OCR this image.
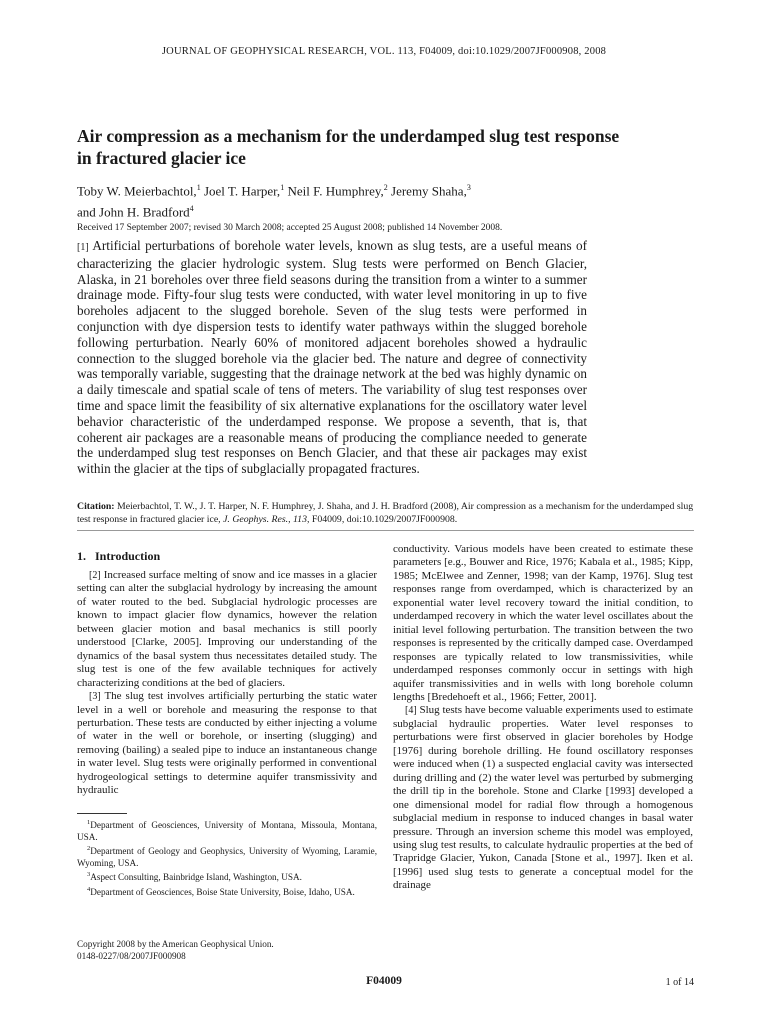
JOURNAL OF GEOPHYSICAL RESEARCH, VOL. 113, F04009, doi:10.1029/2007JF000908, 2008
Air compression as a mechanism for the underdamped slug test response in fractured glacier ice
Toby W. Meierbachtol,$^1$ Joel T. Harper,$^1$ Neil F. Humphrey,$^2$ Jeremy Shaha,$^3$
and John H. Bradford$^4$
Received 17 September 2007; revised 30 March 2008; accepted 25 August 2008; published 14 November 2008.
[1] Artificial perturbations of borehole water levels, known as slug tests, are a useful means of characterizing the glacier hydrologic system. Slug tests were performed on Bench Glacier, Alaska, in 21 boreholes over three field seasons during the transition from a winter to a summer drainage mode. Fifty-four slug tests were conducted, with water level monitoring in up to five boreholes adjacent to the slugged borehole. Seven of the slug tests were performed in conjunction with dye dispersion tests to identify water pathways within the slugged borehole following perturbation. Nearly 60% of monitored adjacent boreholes showed a hydraulic connection to the slugged borehole via the glacier bed. The nature and degree of connectivity was temporally variable, suggesting that the drainage network at the bed was highly dynamic on a daily timescale and spatial scale of tens of meters. The variability of slug test responses over time and space limit the feasibility of six alternative explanations for the oscillatory water level behavior characteristic of the underdamped response. We propose a seventh, that is, that coherent air packages are a reasonable means of producing the compliance needed to generate the underdamped slug test responses on Bench Glacier, and that these air packages may exist within the glacier at the tips of subglacially propagated fractures.
Citation: Meierbachtol, T. W., J. T. Harper, N. F. Humphrey, J. Shaha, and J. H. Bradford (2008), Air compression as a mechanism for the underdamped slug test response in fractured glacier ice, J. Geophys. Res., 113, F04009, doi:10.1029/2007JF000908.
1. Introduction

[2] Increased surface melting of snow and ice masses in a glacier setting can alter the subglacial hydrology by increasing the amount of water routed to the bed. Subglacial hydrologic processes are known to impact glacier flow dynamics, however the relation between glacier motion and basal mechanics is still poorly understood [Clarke, 2005]. Improving our understanding of the dynamics of the basal system thus necessitates detailed study. The slug test is one of the few available techniques for actively characterizing conditions at the bed of glaciers.

[3] The slug test involves artificially perturbing the static water level in a well or borehole and measuring the response to that perturbation. These tests are conducted by either injecting a volume of water in the well or borehole, or inserting (slugging) and removing (bailing) a sealed pipe to induce an instantaneous change in water level. Slug tests were originally performed in conventional hydrogeological settings to determine aquifer transmissivity and hydraulic

conductivity. Various models have been created to estimate these parameters [e.g., Bouwer and Rice, 1976; Kabala et al., 1985; Kipp, 1985; McElwee and Zenner, 1998; van der Kamp, 1976]. Slug test responses range from overdamped, which is characterized by an exponential water level recovery toward the initial condition, to underdamped recovery in which the water level oscillates about the initial level following perturbation. The transition between the two responses is represented by the critically damped case. Overdamped responses are typically related to low transmissivities, while underdamped responses commonly occur in settings with high aquifer transmissivities and in wells with long borehole column lengths [Bredehoeft et al., 1966; Fetter, 2001].

[4] Slug tests have become valuable experiments used to estimate subglacial hydraulic properties. Water level responses to perturbations were first observed in glacier boreholes by Hodge [1976] during borehole drilling. He found oscillatory responses were induced when (1) a suspected englacial cavity was intersected during drilling and (2) the water level was perturbed by submerging the drill tip in the borehole. Stone and Clarke [1993] developed a one dimensional model for radial flow through a homogenous subglacial medium in response to induced changes in basal water pressure. Through an inversion scheme this model was employed, using slug test results, to calculate hydraulic properties at the bed of Trapridge Glacier, Yukon, Canada [Stone et al., 1997]. Iken et al. [1996] used slug tests to generate a conceptual model for the drainage

$^1$Department of Geosciences, University of Montana, Missoula, Montana, USA.

$^2$Department of Geology and Geophysics, University of Wyoming, Laramie, Wyoming, USA.

$^3$Aspect Consulting, Bainbridge Island, Washington, USA.

$^4$Department of Geosciences, Boise State University, Boise, Idaho, USA.

Copyright 2008 by the American Geophysical Union.
0148-0227/08/2007JF000908
F04009	1 of 14
